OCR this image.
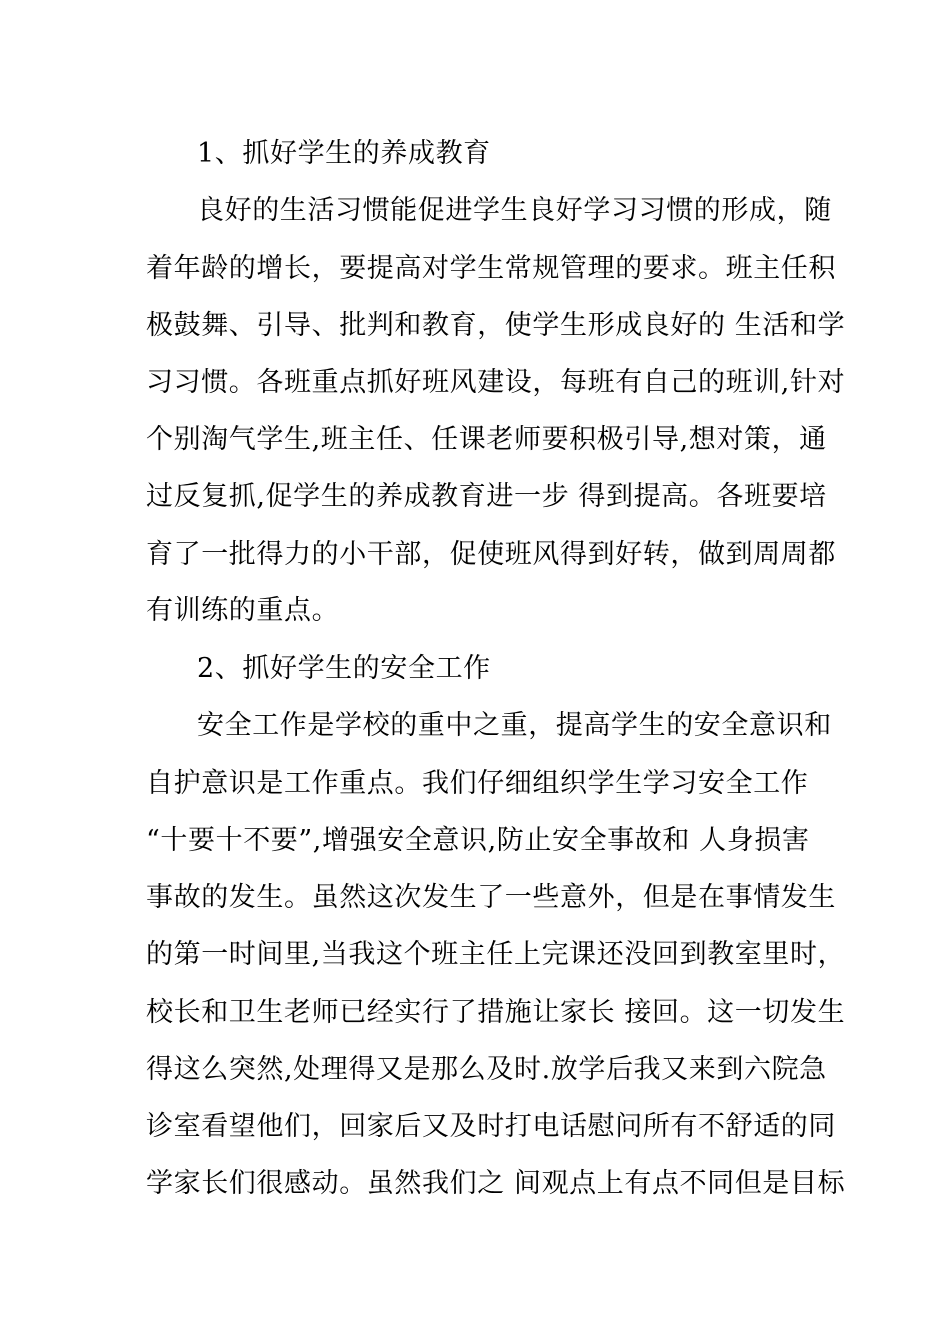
1、抓好学生的养成教育

良好的生活习惯能促进学生良好学习习惯的形成，随

着年龄的增长，要提高对学生常规管理的要求。班主任积

极鼓舞、引导、批判和教育，使学生形成良好的 生活和学

习习惯。各班重点抓好班风建设，每班有自己的班训,针对

个别淘气学生,班主任、任课老师要积极引导,想对策，通

过反复抓,促学生的养成教育进一步 得到提高。各班要培

育了一批得力的小干部，促使班风得到好转，做到周周都

有训练的重点。

2、抓好学生的安全工作

安全工作是学校的重中之重，提高学生的安全意识和

自护意识是工作重点。我们仔细组织学生学习安全工作

“十要十不要”,增强安全意识,防止安全事故和 人身损害

事故的发生。虽然这次发生了一些意外，但是在事情发生

的第一时间里,当我这个班主任上完课还没回到教室里时，

校长和卫生老师已经实行了措施让家长 接回。这一切发生

得这么突然,处理得又是那么及时.放学后我又来到六院急

诊室看望他们，回家后又及时打电话慰问所有不舒适的同

学家长们很感动。虽然我们之 间观点上有点不同但是目标
